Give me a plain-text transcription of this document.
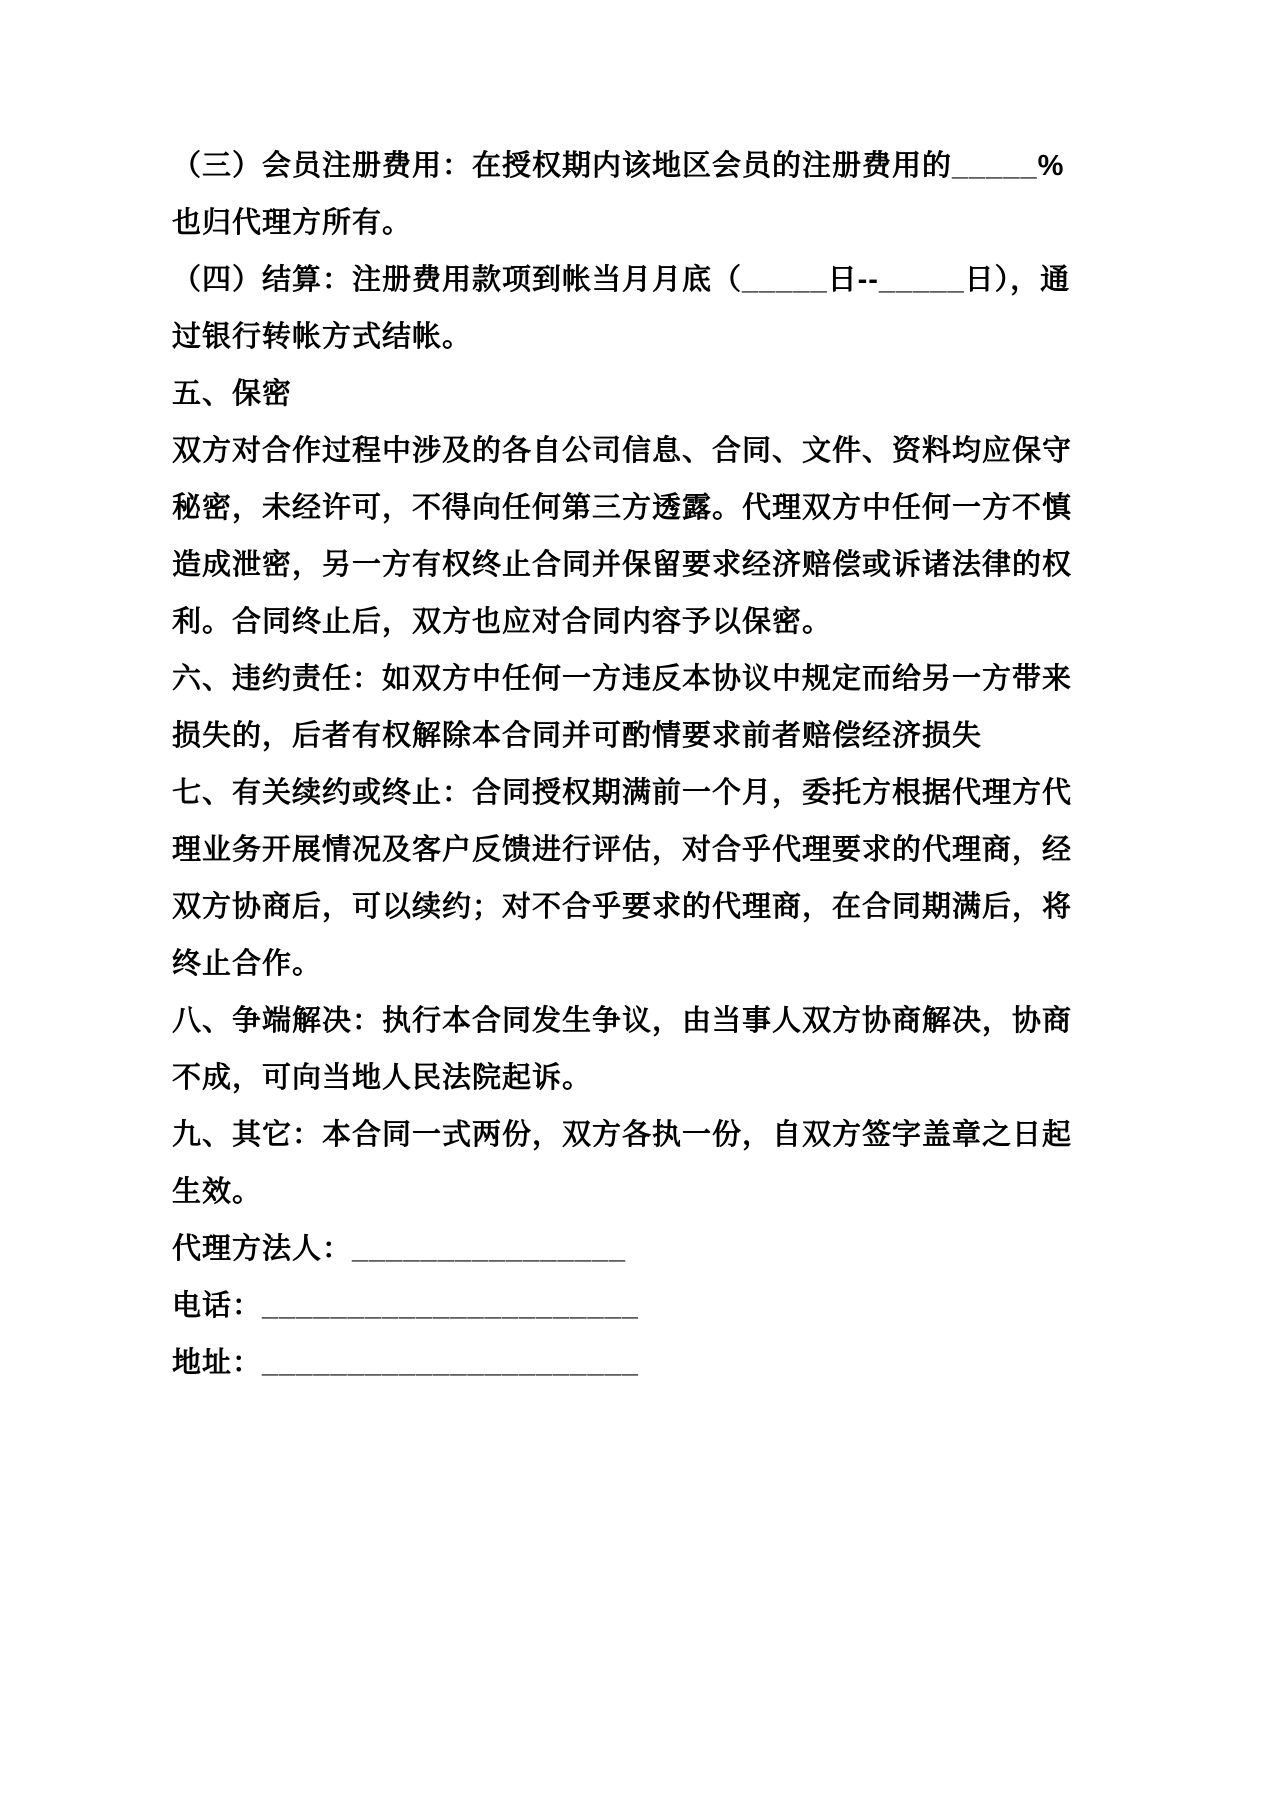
（三）会员注册费用：在授权期内该地区会员的注册费用的_____%
也归代理方所有。
（四）结算：注册费用款项到帐当月月底（_____日--_____日），通
过银行转帐方式结帐。
五、保密
双方对合作过程中涉及的各自公司信息、合同、文件、资料均应保守
秘密，未经许可，不得向任何第三方透露。代理双方中任何一方不慎
造成泄密，另一方有权终止合同并保留要求经济赔偿或诉诸法律的权
利。合同终止后，双方也应对合同内容予以保密。
六、违约责任：如双方中任何一方违反本协议中规定而给另一方带来
损失的，后者有权解除本合同并可酌情要求前者赔偿经济损失
七、有关续约或终止：合同授权期满前一个月，委托方根据代理方代
理业务开展情况及客户反馈进行评估，对合乎代理要求的代理商，经
双方协商后，可以续约；对不合乎要求的代理商，在合同期满后，将
终止合作。
八、争端解决：执行本合同发生争议，由当事人双方协商解决，协商
不成，可向当地人民法院起诉。
九、其它：本合同一式两份，双方各执一份，自双方签字盖章之日起
生效。
代理方法人：________________
电话：______________________
地址：______________________
